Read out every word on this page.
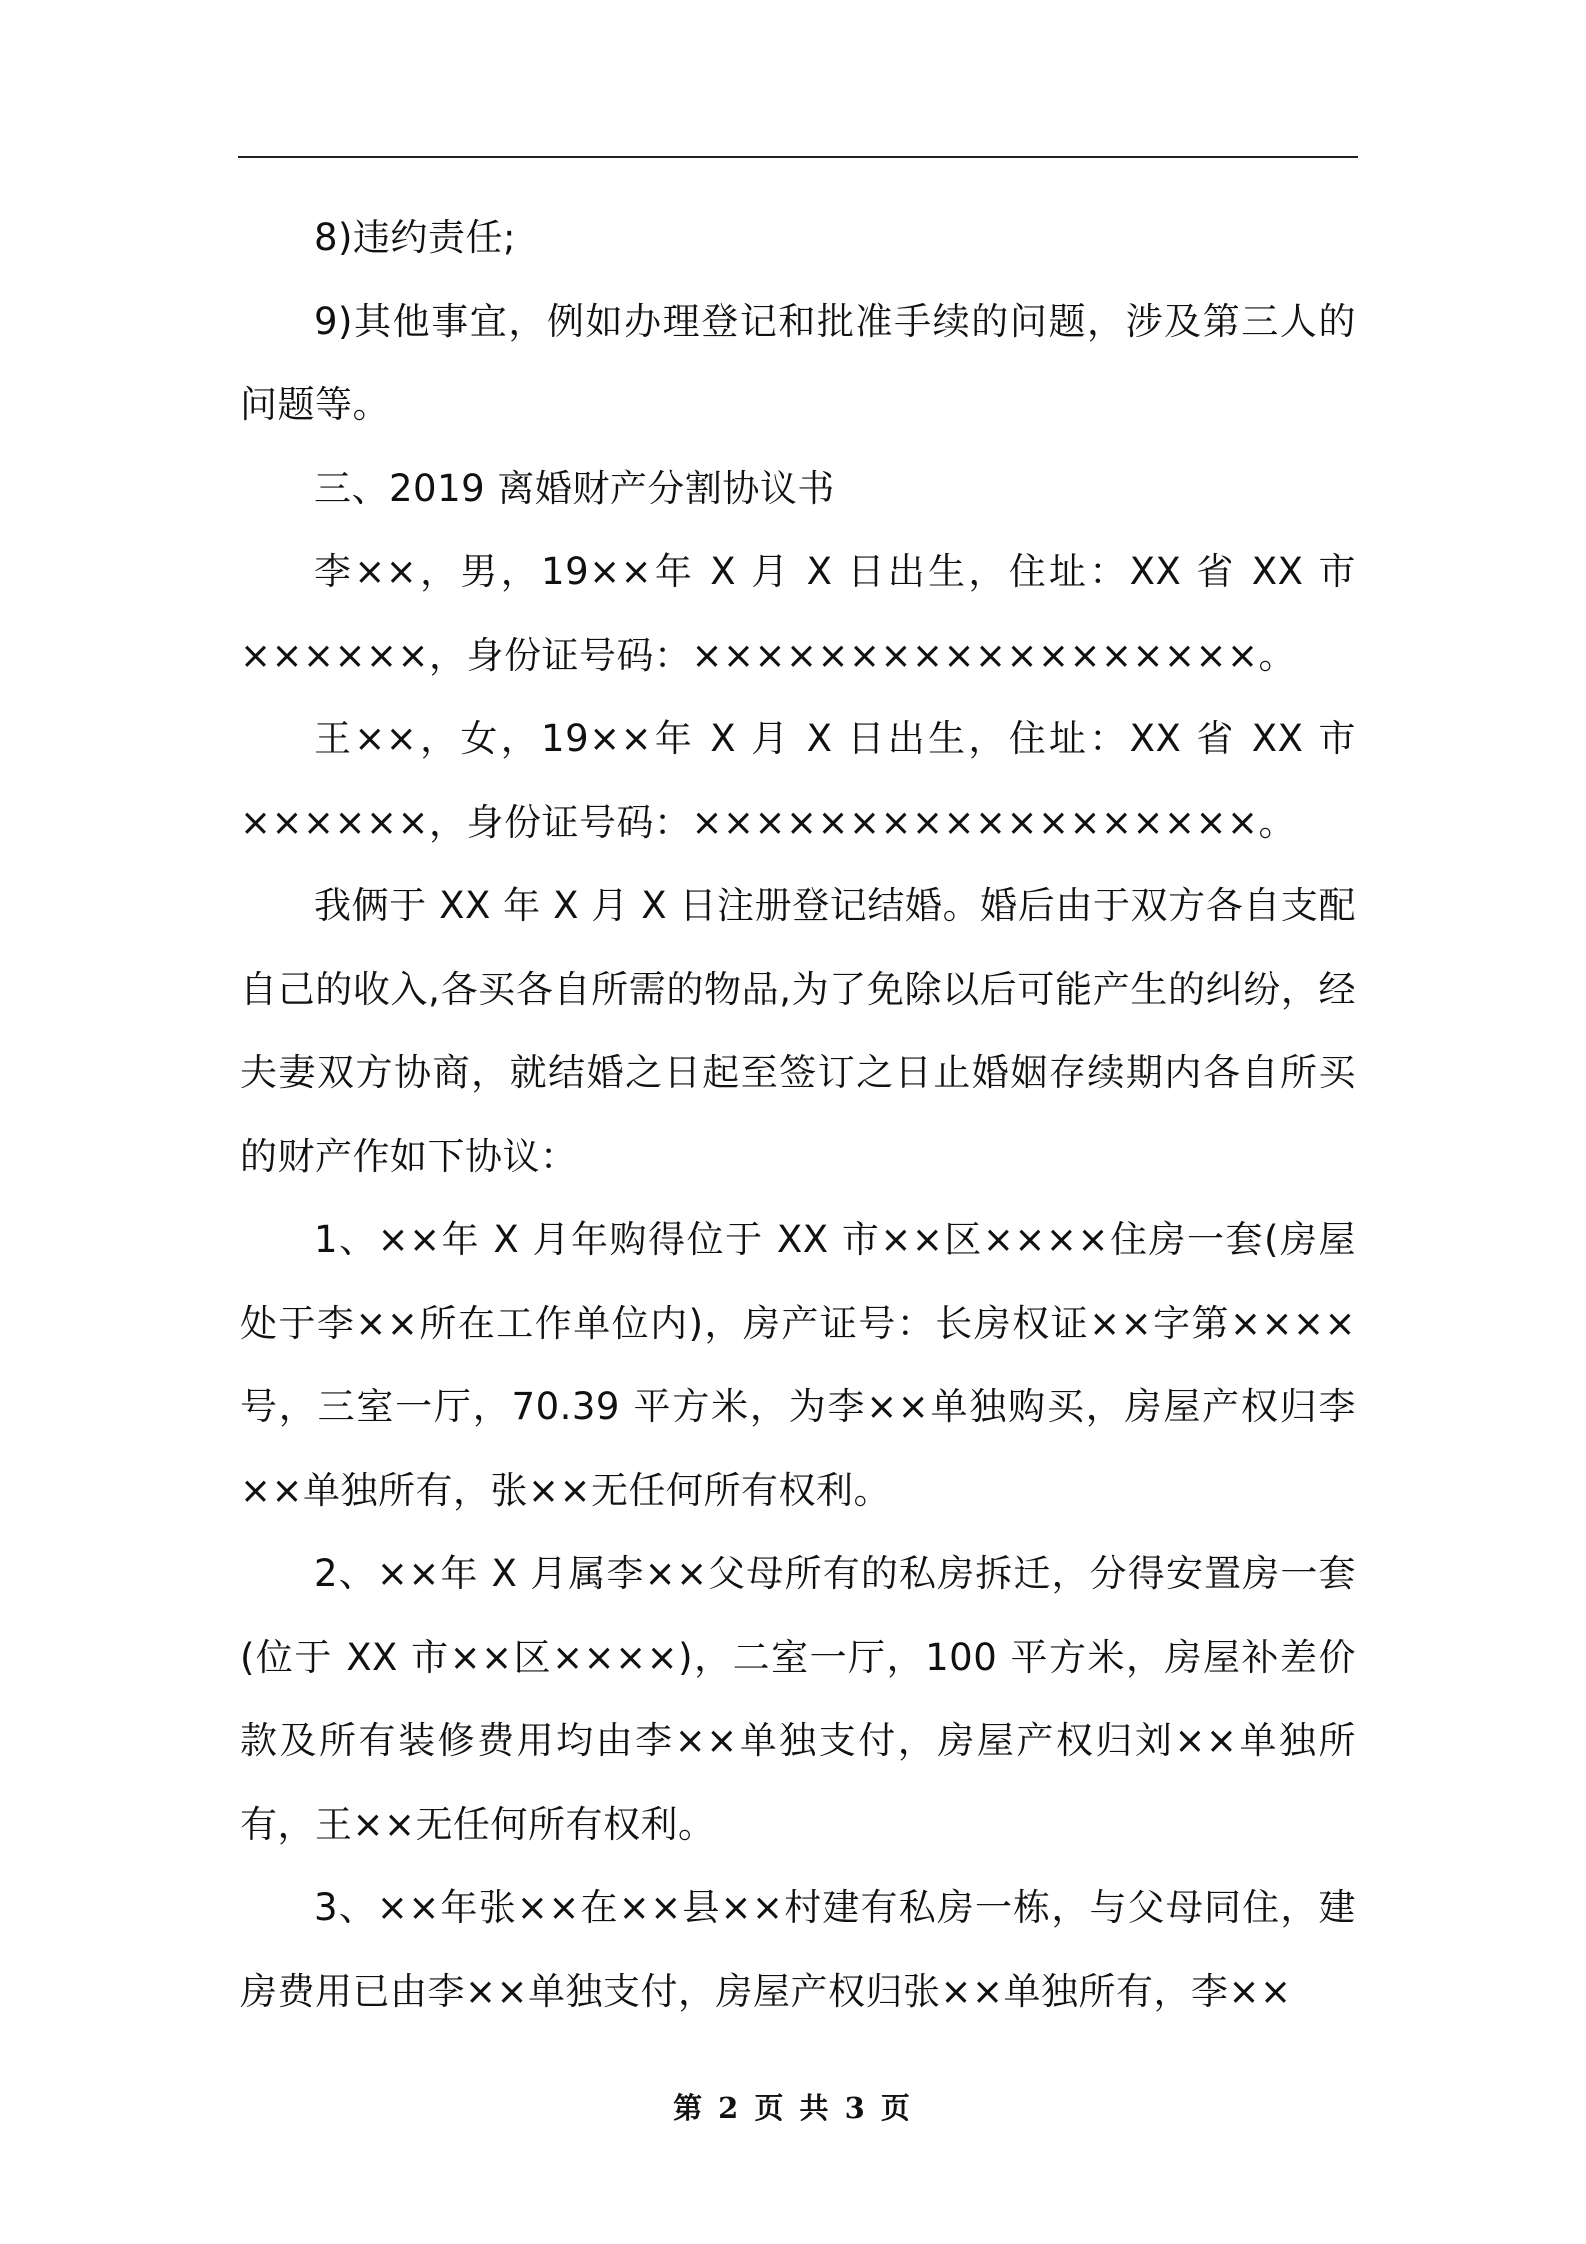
8)违约责任;

9)其他事宜，例如办理登记和批准手续的问题，涉及第三人的问题等。

三、2019 离婚财产分割协议书

李××，男，19××年 X 月 X 日出生，住址：XX 省 XX 市××××××，身份证号码：××××××××××××××××××。

王××，女，19××年 X 月 X 日出生，住址：XX 省 XX 市××××××，身份证号码：××××××××××××××××××。

我俩于 XX 年 X 月 X 日注册登记结婚。婚后由于双方各自支配自己的收入,各买各自所需的物品,为了免除以后可能产生的纠纷，经夫妻双方协商，就结婚之日起至签订之日止婚姻存续期内各自所买的财产作如下协议：

1、××年 X 月年购得位于 XX 市××区××××住房一套(房屋处于李××所在工作单位内)，房产证号：长房权证××字第××××号，三室一厅，70.39 平方米，为李××单独购买，房屋产权归李××单独所有，张××无任何所有权利。

2、××年 X 月属李××父母所有的私房拆迁，分得安置房一套(位于 XX 市××区××××)，二室一厅，100 平方米，房屋补差价款及所有装修费用均由李××单独支付，房屋产权归刘××单独所有，王××无任何所有权利。

3、××年张××在××县××村建有私房一栋，与父母同住，建房费用已由李××单独支付，房屋产权归张××单独所有，李××

第 2 页 共 3 页
